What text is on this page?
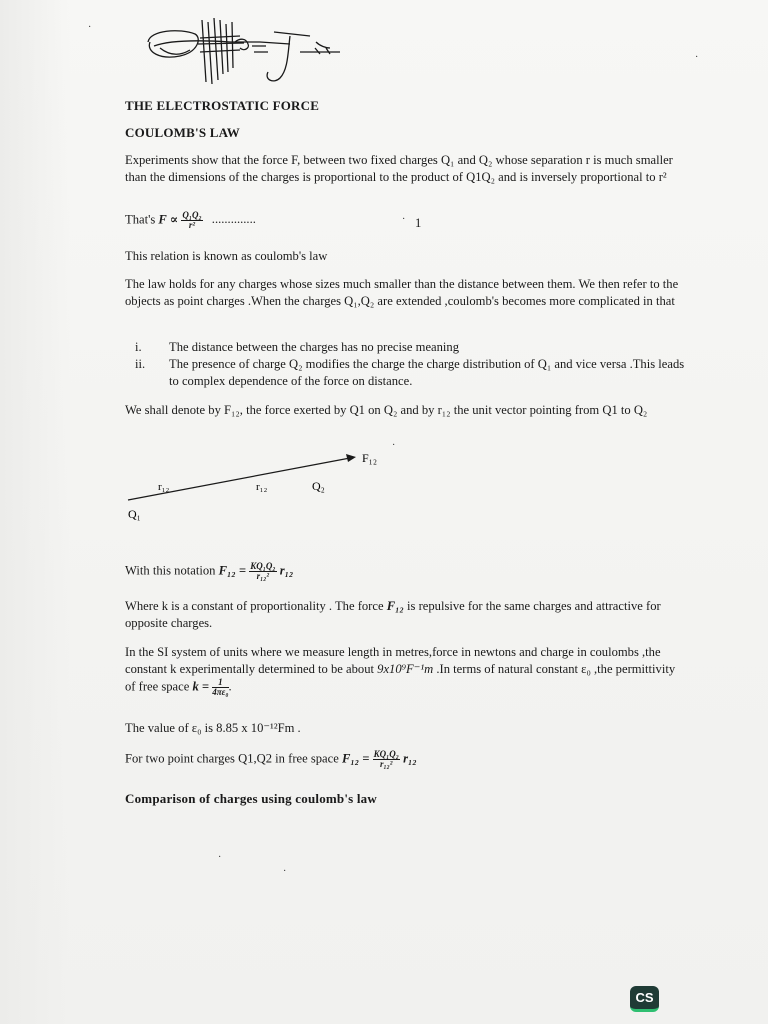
THE ELECTROSTATIC FORCE
COULOMB'S LAW
Experiments show that the force F, between two fixed charges Q₁ and Q₂ whose separation r is much smaller than the dimensions of the charges is proportional to the product of Q1Q₂ and is inversely proportional to r²
That's $F \propto \frac{\text{Q₁Q₂}}{\text{r²}}$ ..............	1
This relation is known as coulomb's law
The law holds for any charges whose sizes much smaller than the distance between them. We then refer to the objects as point charges .When the charges Q₁,Q₂ are extended ,coulomb's becomes more complicated in that
i.	The distance between the charges has no precise meaning
ii.	The presence of charge Q₂ modifies the charge the charge distribution of Q₁ and vice versa .This leads to complex dependence of the force on distance.
We shall denote by F₁₂, the force exerted by Q1 on Q₂ and by r₁₂ the unit vector pointing from Q1 to Q₂
F₁₂
r₁₂	r₁₂	Q₂
Q₁
With this notation $F_{12} = \frac{\text{KQ₁Q₂}}{\text{r₁₂²}} r_{12}$
Where k is a constant of proportionality . The force F₁₂ is repulsive for the same charges and attractive for opposite charges.
In the SI system of units where we measure length in metres,force in newtons and charge in coulombs ,the constant k experimentally determined to be about 9x10⁹F⁻¹m .In terms of natural constant ε₀ ,the permittivity of free space $k = \frac{1}{\text{4πε₀}}$ .
The value of ε₀ is 8.85 x 10⁻¹²Fm .
For two point charges Q1,Q2 in free space $F_{12} = \frac{\text{KQ₁Q₂}}{\text{r₁₂²}} r_{12}$
Comparison of charges using coulomb's law
·
·
·
·
·
·
CS
